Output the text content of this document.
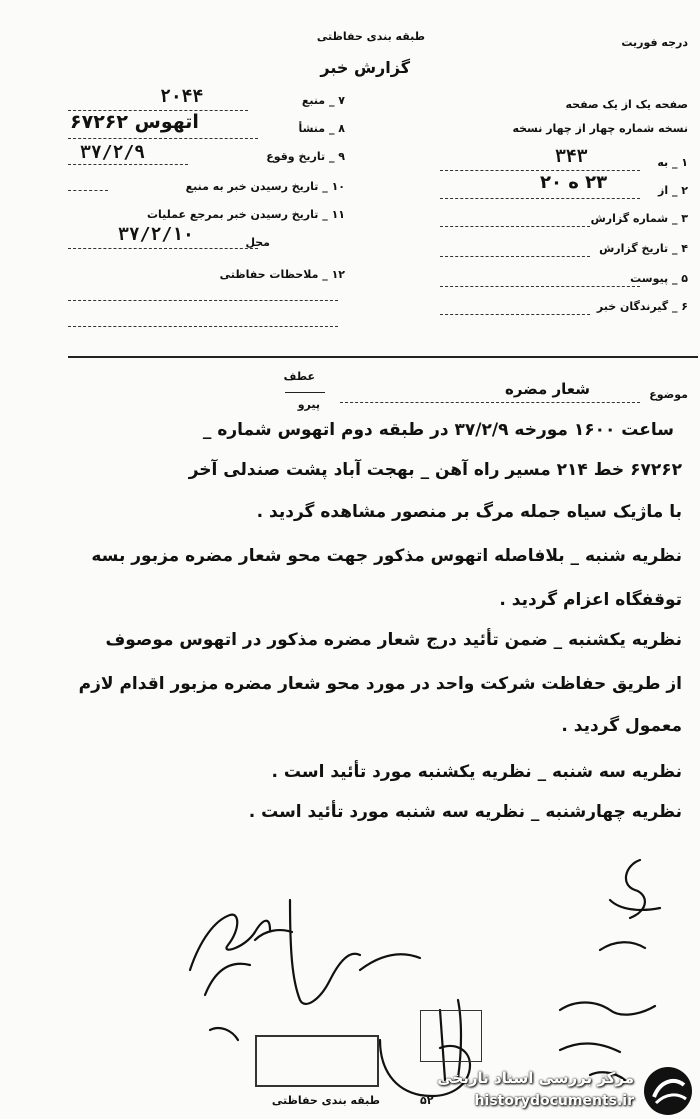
طبقه بندی حفاظتی
گزارش خبر
درجه فوریت
۷ _ منبع
۲۰۴۴
۸ _ منشأ
اتهوس ۶۷۲۶۲
۹ _ تاریخ وقوع
۳۷/۲/۹
۱۰ _ تاریخ رسیدن خبر به منبع
۱۱ _ تاریخ رسیدن خبر بمرجع عملیات
محل
۳۷/۲/۱۰
۱۲ _ ملاحظات حفاظتی
صفحه یک از یک صفحه
نسخه شماره چهار از چهار نسخه
۱ _ به
۳۴۳
۲ _ از
۲۳ ه ۲۰
۳ _ شماره گزارش
۴ _ تاریخ گزارش
۵ _ پیوست
۶ _ گیرندگان خبر
عطف
پیرو
موضوع
شعار مضره
ساعت ۱۶۰۰ مورخه ۳۷/۲/۹ در طبقه دوم اتهوس شماره _
۶۷۲۶۲ خط ۲۱۴ مسیر راه آهن _ بهجت آباد پشت صندلی آخر
با ماژیک سیاه جمله مرگ بر منصور مشاهده گردید .
نظریه شنبه _ بلافاصله اتهوس مذکور جهت محو شعار مضره مزبور بسه
توقفگاه اعزام گردید .
نظریه یکشنبه _ ضمن تأئید درج شعار مضره مذکور در اتهوس موصوف
از طریق حفاظت شرکت واحد در مورد محو شعار مضره مزبور اقدام لازم
معمول گردید .
نظریه سه شنبه _ نظریه یکشنبه مورد تأئید است .
نظریه چهارشنبه _ نظریه سه شنبه مورد تأئید است .
۵۲
طبقه بندی حفاظتی
مرکز بررسی اسناد تاریخی
historydocuments.ir
